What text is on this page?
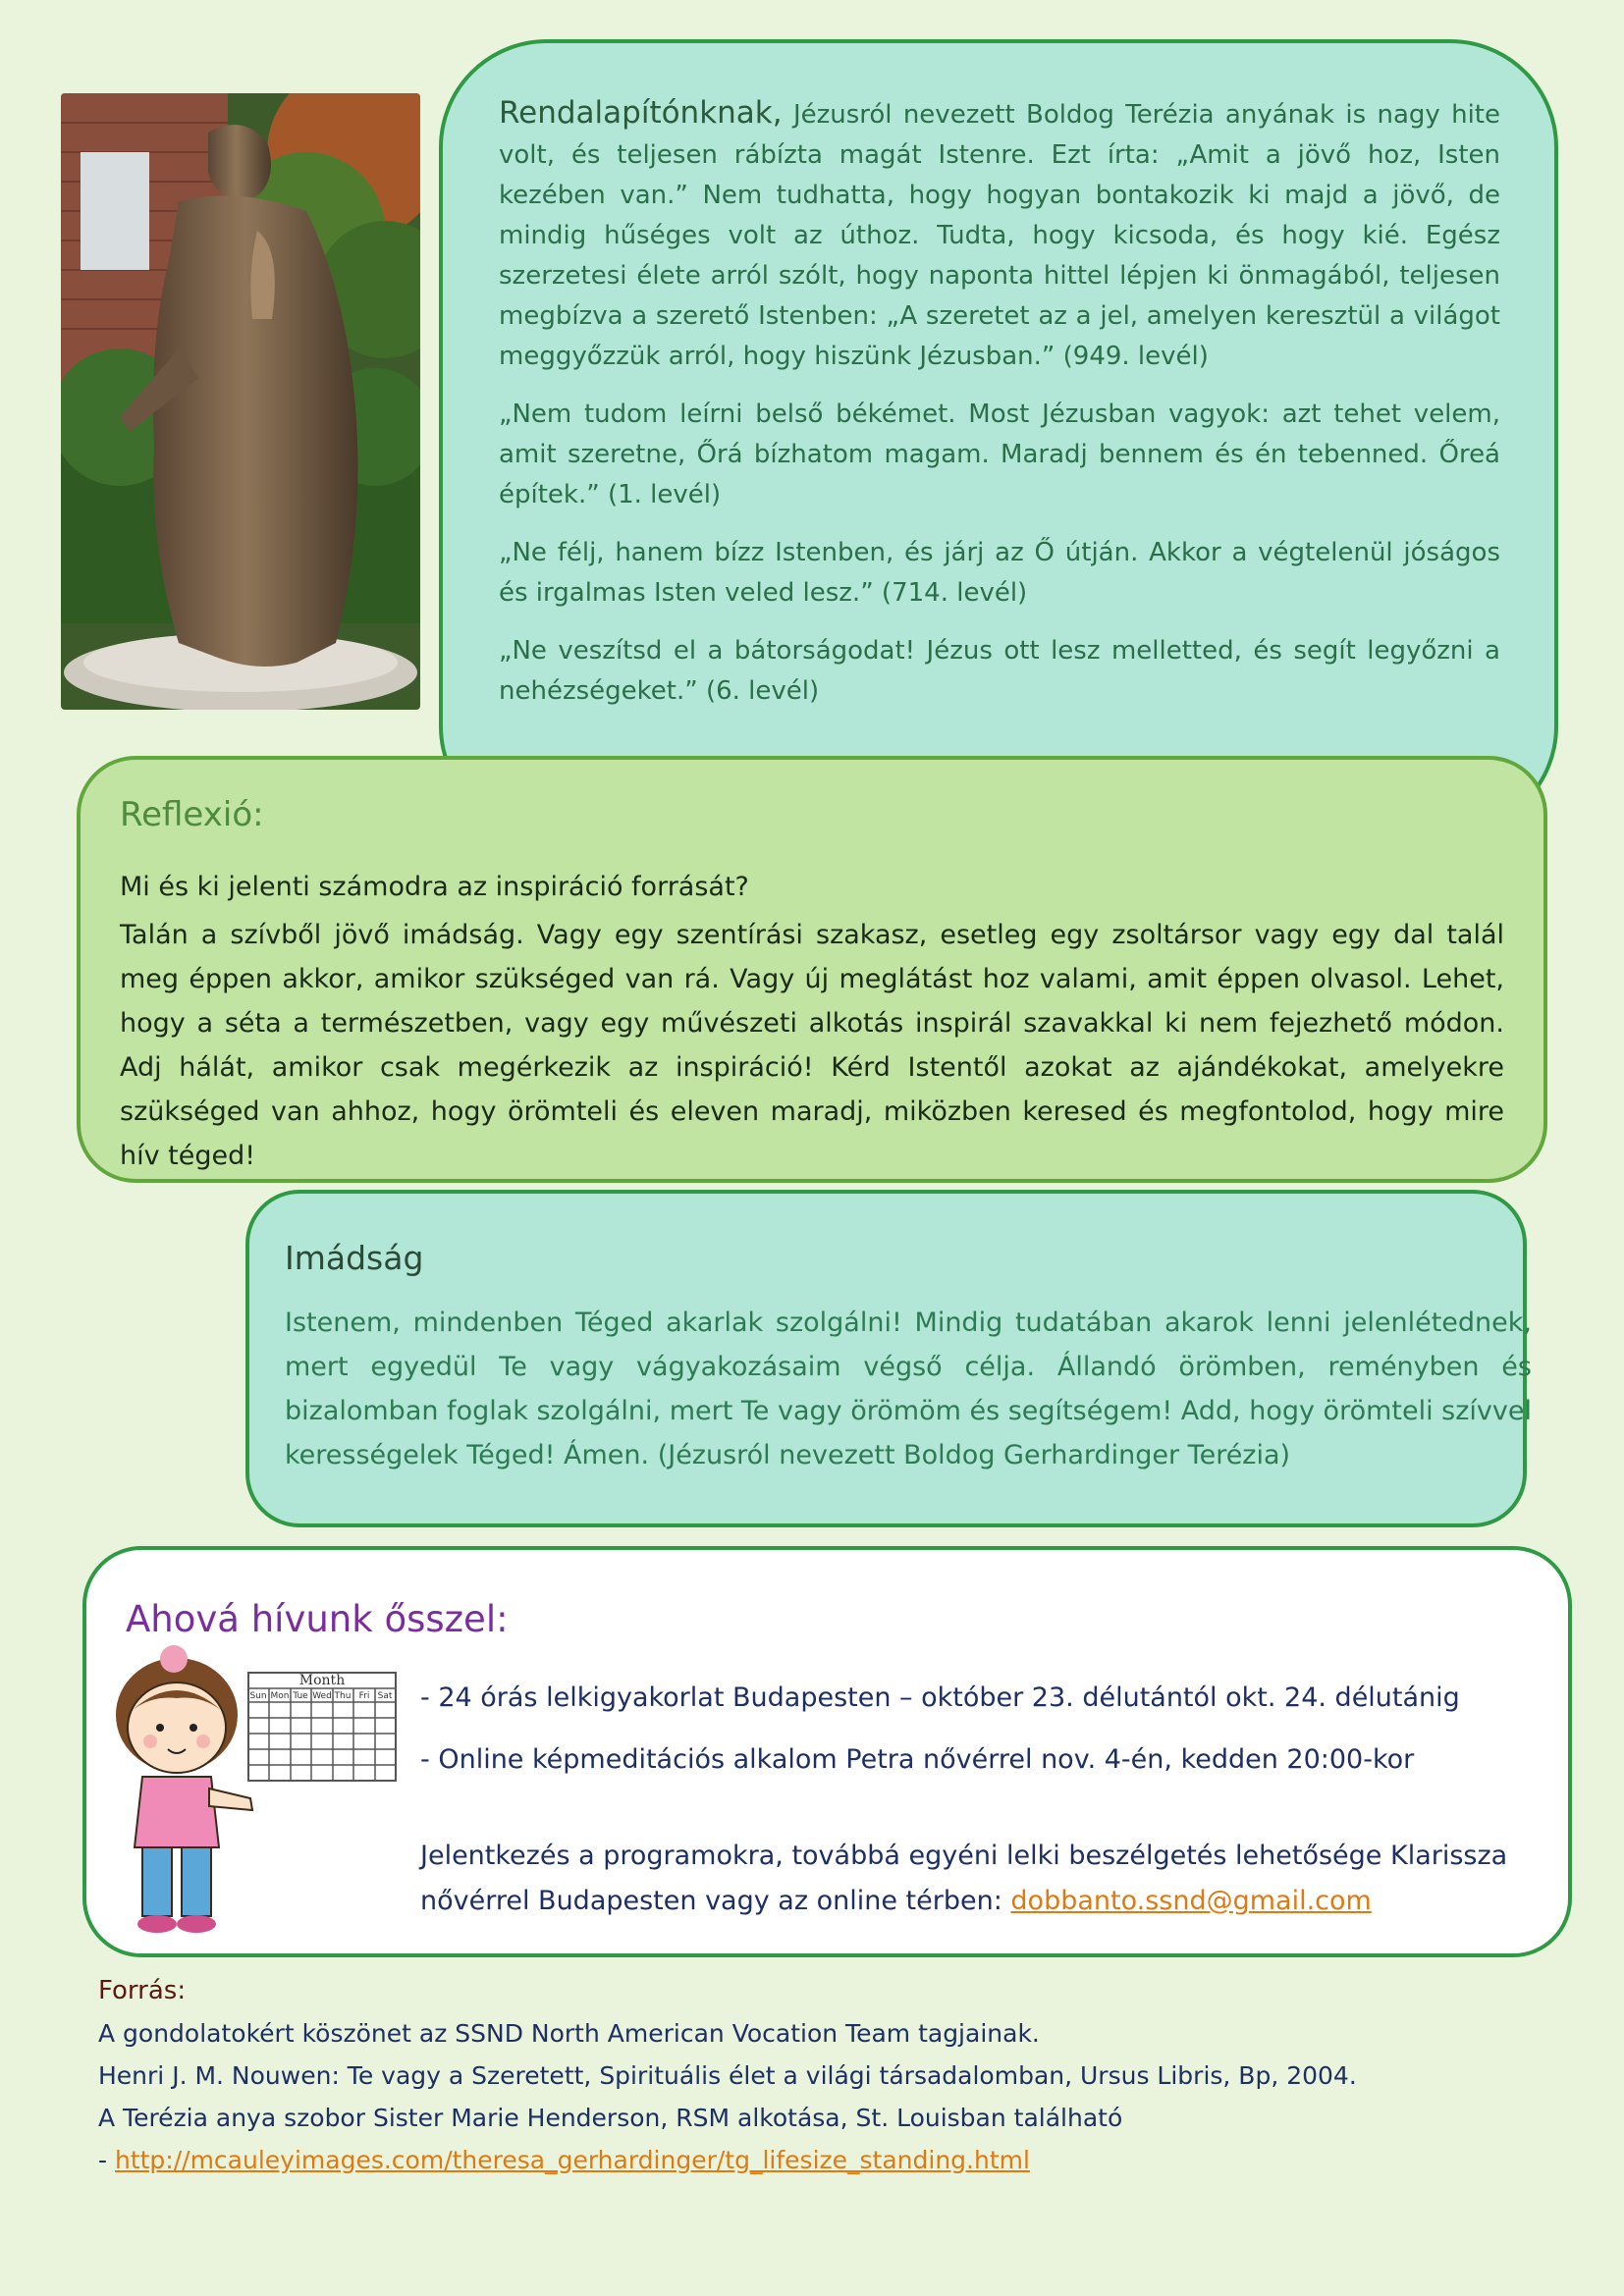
Rendalapítónknak, Jézusról nevezett Boldog Terézia anyának is nagy hite volt, és teljesen rábízta magát Istenre. Ezt írta: „Amit a jövő hoz, Isten kezében van.” Nem tudhatta, hogy hogyan bontakozik ki majd a jövő, de mindig hűséges volt az úthoz. Tudta, hogy kicsoda, és hogy kié. Egész szerzetesi élete arról szólt, hogy naponta hittel lépjen ki önmagából, teljesen megbízva a szerető Istenben: „A szeretet az a jel, amelyen keresztül a világot meggyőzzük arról, hogy hiszünk Jézusban.” (949. levél)

„Nem tudom leírni belső békémet. Most Jézusban vagyok: azt tehet velem, amit szeretne, Őrá bízhatom magam. Maradj bennem és én tebenned. Őreá építek.” (1. levél)

„Ne félj, hanem bízz Istenben, és járj az Ő útján. Akkor a végtelenül jóságos és irgalmas Isten veled lesz.” (714. levél)

„Ne veszítsd el a bátorságodat! Jézus ott lesz melletted, és segít legyőzni a nehézségeket.” (6. levél)

Reflexió:
Mi és ki jelenti számodra az inspiráció forrását?
Talán a szívből jövő imádság. Vagy egy szentírási szakasz, esetleg egy zsoltársor vagy egy dal talál meg éppen akkor, amikor szükséged van rá. Vagy új meglátást hoz valami, amit éppen olvasol. Lehet, hogy a séta a természetben, vagy egy művészeti alkotás inspirál szavakkal ki nem fejezhető módon. Adj hálát, amikor csak megérkezik az inspiráció! Kérd Istentől azokat az ajándékokat, amelyekre szükséged van ahhoz, hogy örömteli és eleven maradj, miközben keresed és megfontolod, hogy mire hív téged!
Imádság
Istenem, mindenben Téged akarlak szolgálni! Mindig tudatában akarok lenni jelenlétednek, mert egyedül Te vagy vágyakozásaim végső célja. Állandó örömben, reményben és bizalomban foglak szolgálni, mert Te vagy örömöm és segítségem! Add, hogy örömteli szívvel kerességelek Téged! Ámen. (Jézusról nevezett Boldog Gerhardinger Terézia)
Ahová hívunk ősszel:
Month
Sun Mon Tue Wed Thu Fri Sat - 24 órás lelkigyakorlat Budapesten – október 23. délutántól okt. 24. délutánig
- Online képmeditációs alkalom Petra nővérrel nov. 4-én, kedden 20:00-kor
Jelentkezés a programokra, továbbá egyéni lelki beszélgetés lehetősége Klarissza nővérrel Budapesten vagy az online térben: dobbanto.ssnd@gmail.com
Forrás:
A gondolatokért köszönet az SSND North American Vocation Team tagjainak.
Henri J. M. Nouwen: Te vagy a Szeretett, Spirituális élet a világi társadalomban, Ursus Libris, Bp, 2004.
A Terézia anya szobor Sister Marie Henderson, RSM alkotása, St. Louisban található
- http://mcauleyimages.com/theresa_gerhardinger/tg_lifesize_standing.html
